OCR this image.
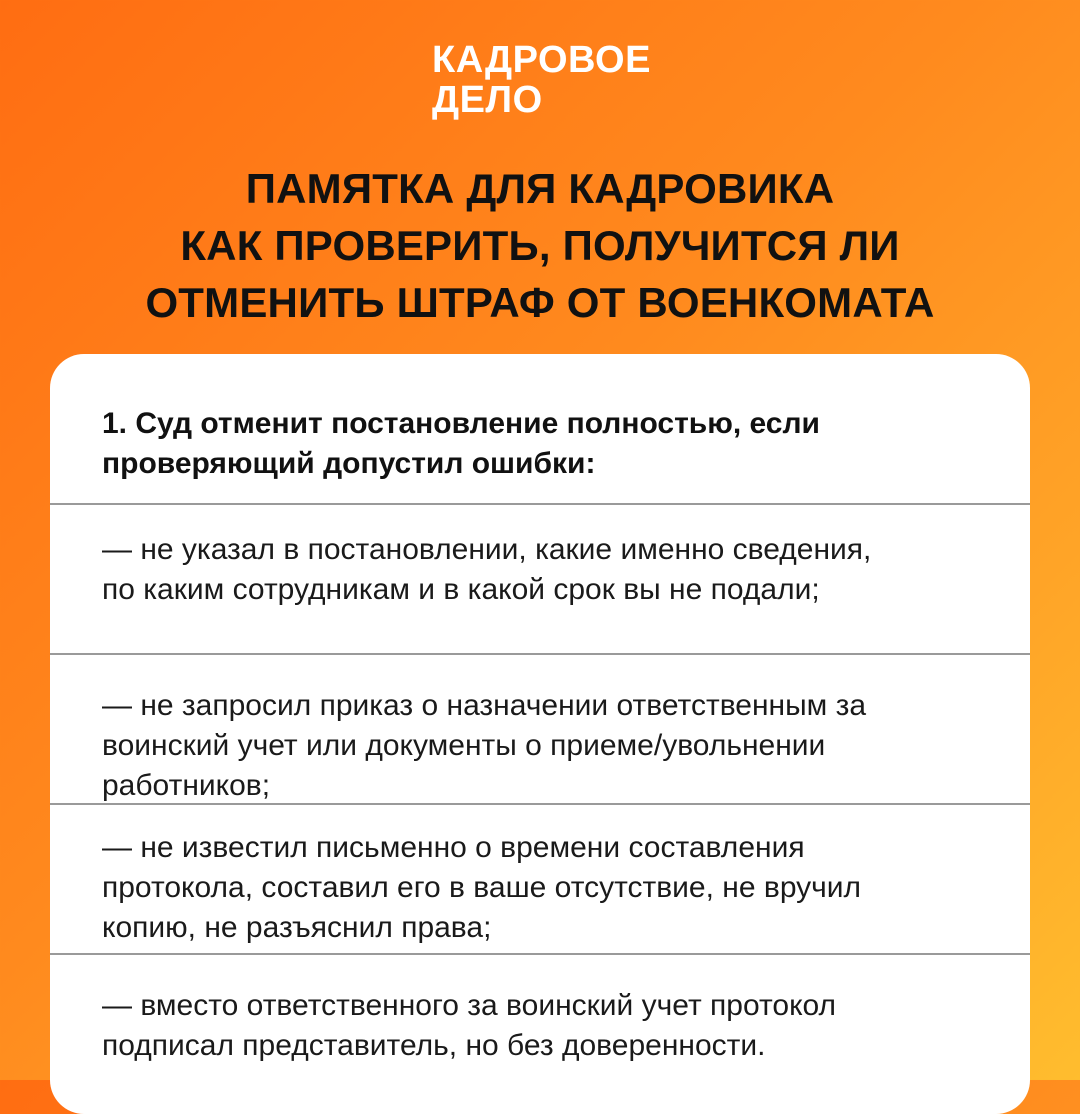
КАДРОВОЕ
ДЕЛО
ПАМЯТКА ДЛЯ КАДРОВИКА
КАК ПРОВЕРИТЬ, ПОЛУЧИТСЯ ЛИ
ОТМЕНИТЬ ШТРАФ ОТ ВОЕНКОМАТА
1. Суд отменит постановление полностью, если
проверяющий допустил ошибки:
— не указал в постановлении, какие именно сведения,
по каким сотрудникам и в какой срок вы не подали;
— не запросил приказ о назначении ответственным за
воинский учет или документы о приеме/увольнении
работников;
— не известил письменно о времени составления
протокола, составил его в ваше отсутствие, не вручил
копию, не разъяснил права;
— вместо ответственного за воинский учет протокол
подписал представитель, но без доверенности.
